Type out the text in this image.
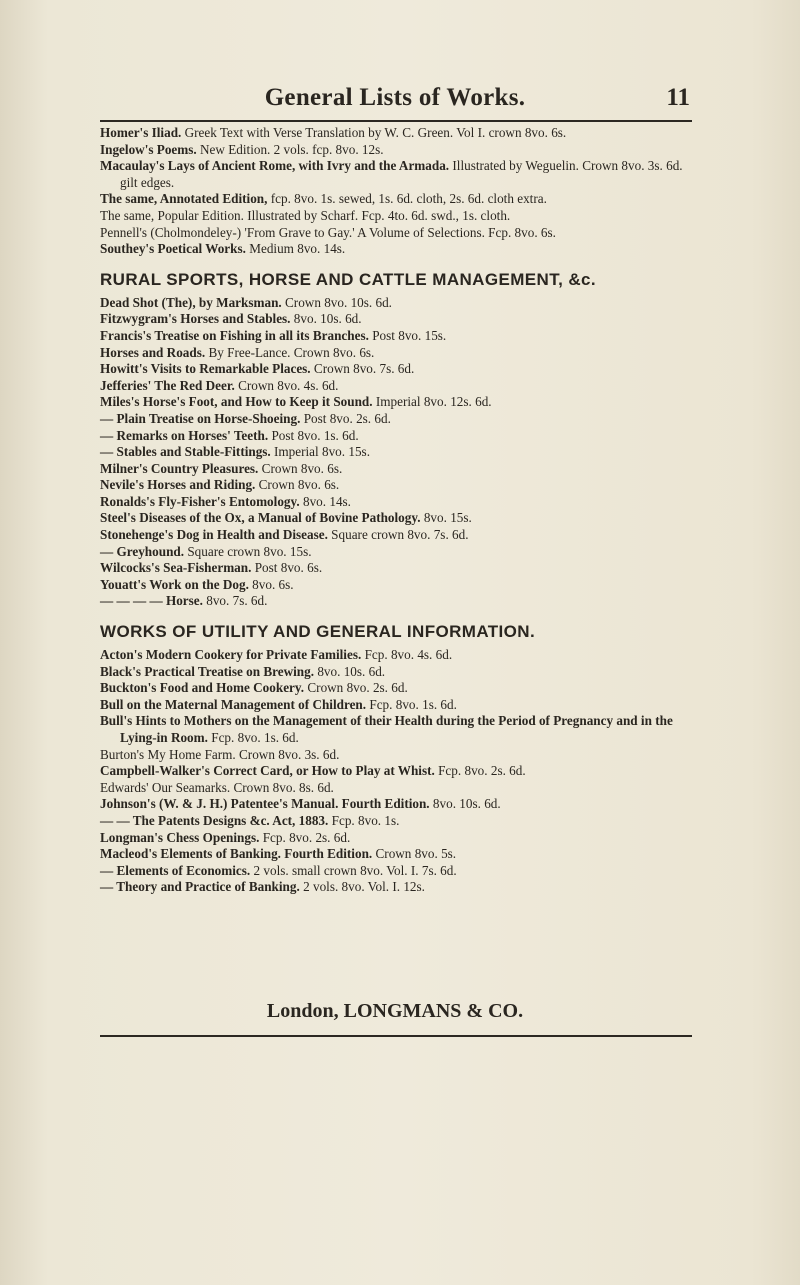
General Lists of Works.	11

Homer's Iliad. Greek Text with Verse Translation by W. C. Green. Vol I. crown 8vo. 6s.

Ingelow's Poems. New Edition. 2 vols. fcp. 8vo. 12s.

Macaulay's Lays of Ancient Rome, with Ivry and the Armada. Illustrated by Weguelin. Crown 8vo. 3s. 6d. gilt edges.

The same, Annotated Edition, fcp. 8vo. 1s. sewed, 1s. 6d. cloth, 2s. 6d. cloth extra.

The same, Popular Edition. Illustrated by Scharf. Fcp. 4to. 6d. swd., 1s. cloth.

Pennell's (Cholmondeley-) 'From Grave to Gay.' A Volume of Selections. Fcp. 8vo. 6s.

Southey's Poetical Works. Medium 8vo. 14s.

RURAL SPORTS, HORSE AND CATTLE MANAGEMENT, &c.

Dead Shot (The), by Marksman. Crown 8vo. 10s. 6d.

Fitzwygram's Horses and Stables. 8vo. 10s. 6d.

Francis's Treatise on Fishing in all its Branches. Post 8vo. 15s.

Horses and Roads. By Free-Lance. Crown 8vo. 6s.

Howitt's Visits to Remarkable Places. Crown 8vo. 7s. 6d.

Jefferies' The Red Deer. Crown 8vo. 4s. 6d.

Miles's Horse's Foot, and How to Keep it Sound. Imperial 8vo. 12s. 6d.

— Plain Treatise on Horse-Shoeing. Post 8vo. 2s. 6d.

— Remarks on Horses' Teeth. Post 8vo. 1s. 6d.

— Stables and Stable-Fittings. Imperial 8vo. 15s.

Milner's Country Pleasures. Crown 8vo. 6s.

Nevile's Horses and Riding. Crown 8vo. 6s.

Ronalds's Fly-Fisher's Entomology. 8vo. 14s.

Steel's Diseases of the Ox, a Manual of Bovine Pathology. 8vo. 15s.

Stonehenge's Dog in Health and Disease. Square crown 8vo. 7s. 6d.

— Greyhound. Square crown 8vo. 15s.

Wilcocks's Sea-Fisherman. Post 8vo. 6s.

Youatt's Work on the Dog. 8vo. 6s.

— — — — Horse. 8vo. 7s. 6d.

WORKS OF UTILITY AND GENERAL INFORMATION.

Acton's Modern Cookery for Private Families. Fcp. 8vo. 4s. 6d.

Black's Practical Treatise on Brewing. 8vo. 10s. 6d.

Buckton's Food and Home Cookery. Crown 8vo. 2s. 6d.

Bull on the Maternal Management of Children. Fcp. 8vo. 1s. 6d.

Bull's Hints to Mothers on the Management of their Health during the Period of Pregnancy and in the Lying-in Room. Fcp. 8vo. 1s. 6d.

Burton's My Home Farm. Crown 8vo. 3s. 6d.

Campbell-Walker's Correct Card, or How to Play at Whist. Fcp. 8vo. 2s. 6d.

Edwards' Our Seamarks. Crown 8vo. 8s. 6d.

Johnson's (W. & J. H.) Patentee's Manual. Fourth Edition. 8vo. 10s. 6d.

— — The Patents Designs &c. Act, 1883. Fcp. 8vo. 1s.

Longman's Chess Openings. Fcp. 8vo. 2s. 6d.

Macleod's Elements of Banking. Fourth Edition. Crown 8vo. 5s.

— Elements of Economics. 2 vols. small crown 8vo. Vol. I. 7s. 6d.

— Theory and Practice of Banking. 2 vols. 8vo. Vol. I. 12s.

London, LONGMANS & CO.
